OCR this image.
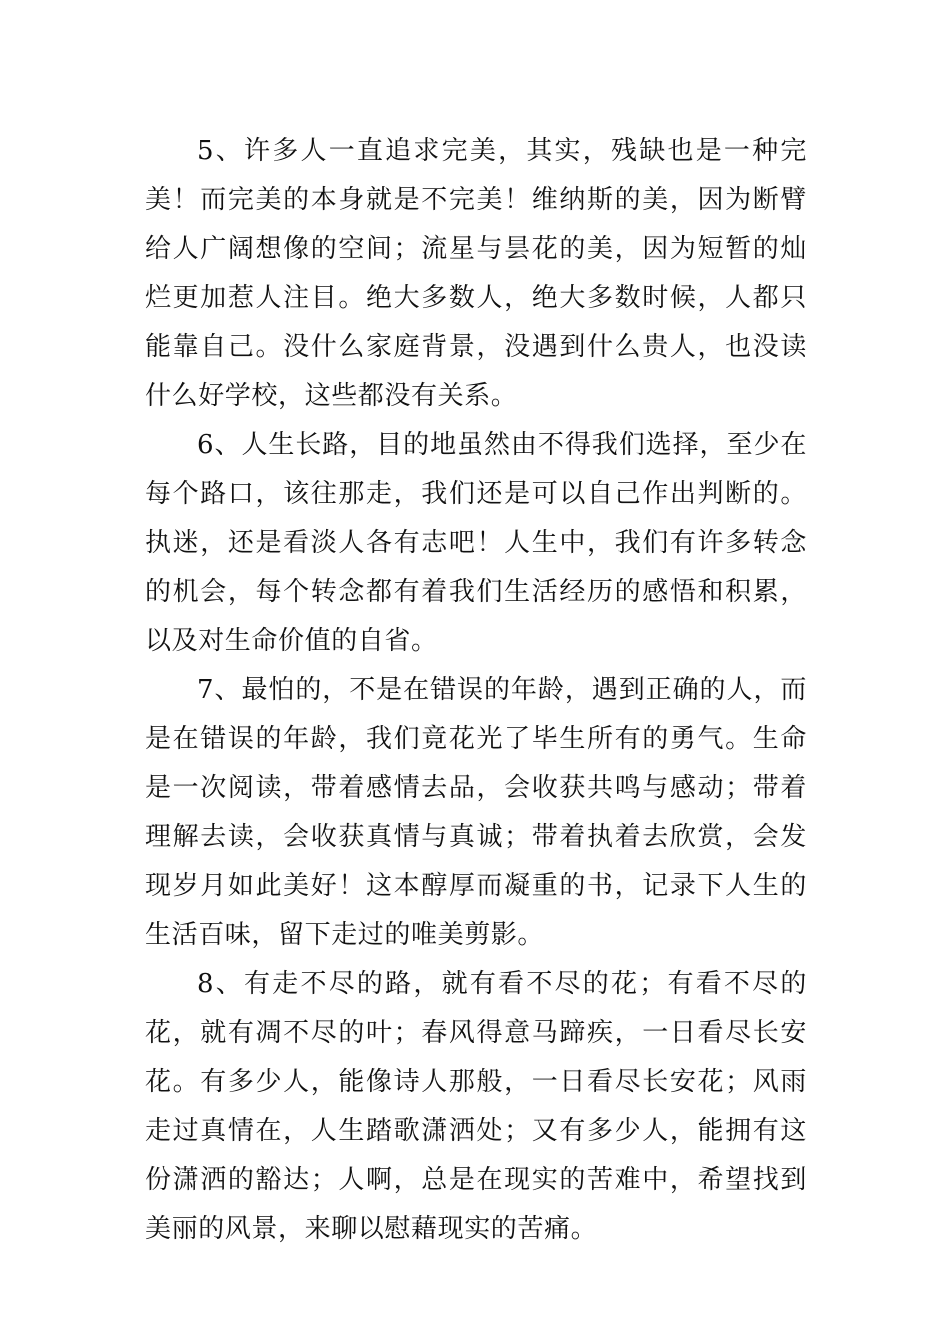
5、许多人一直追求完美，其实，残缺也是一种完美！而完美的本身就是不完美！维纳斯的美，因为断臂给人广阔想像的空间；流星与昙花的美，因为短暂的灿烂更加惹人注目。绝大多数人，绝大多数时候，人都只能靠自己。没什么家庭背景，没遇到什么贵人，也没读什么好学校，这些都没有关系。

6、人生长路，目的地虽然由不得我们选择，至少在每个路口，该往那走，我们还是可以自己作出判断的。执迷，还是看淡人各有志吧！人生中，我们有许多转念的机会，每个转念都有着我们生活经历的感悟和积累，以及对生命价值的自省。

7、最怕的，不是在错误的年龄，遇到正确的人，而是在错误的年龄，我们竟花光了毕生所有的勇气。生命是一次阅读，带着感情去品，会收获共鸣与感动；带着理解去读，会收获真情与真诚；带着执着去欣赏，会发现岁月如此美好！这本醇厚而凝重的书，记录下人生的生活百味，留下走过的唯美剪影。

8、有走不尽的路，就有看不尽的花；有看不尽的花，就有凋不尽的叶；春风得意马蹄疾，一日看尽长安花。有多少人，能像诗人那般，一日看尽长安花；风雨走过真情在，人生踏歌潇洒处；又有多少人，能拥有这份潇洒的豁达；人啊，总是在现实的苦难中，希望找到美丽的风景，来聊以慰藉现实的苦痛。
